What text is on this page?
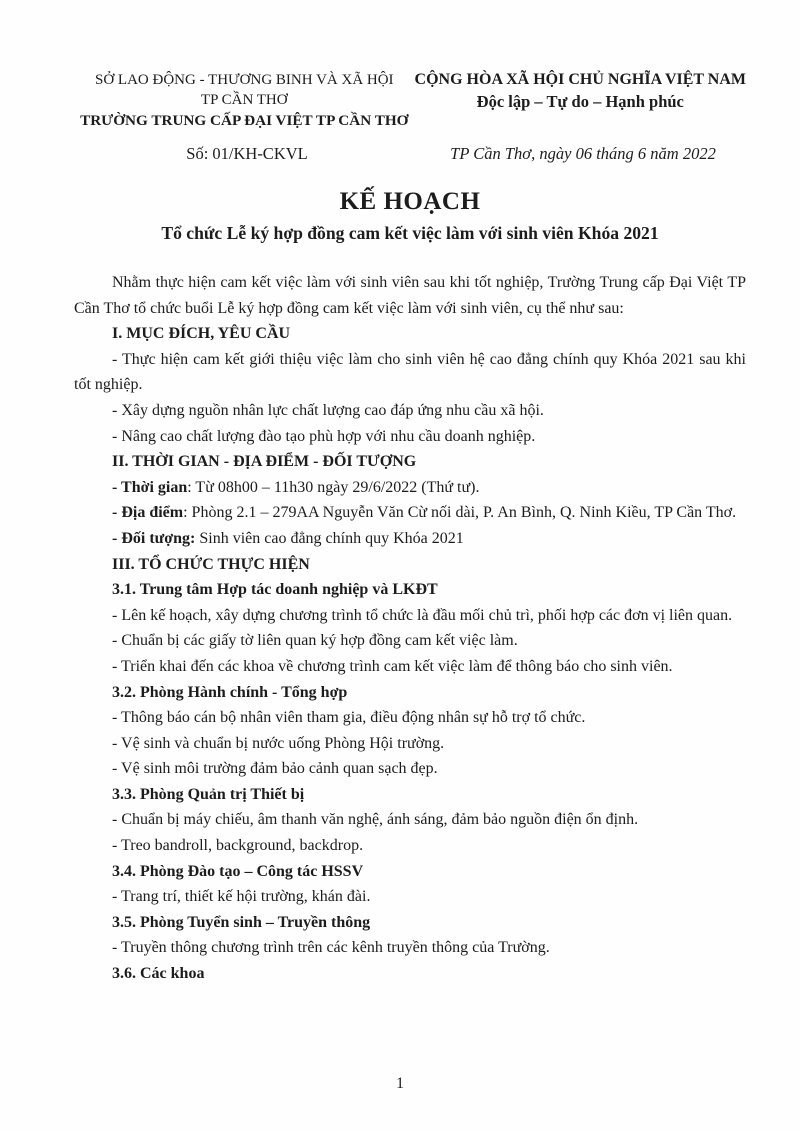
SỞ LAO ĐỘNG - THƯƠNG BINH VÀ XÃ HỘI
TP CẦN THƠ
TRƯỜNG TRUNG CẤP ĐẠI VIỆT TP CẦN THƠ
CỘNG HÒA XÃ HỘI CHỦ NGHĨA VIỆT NAM
Độc lập – Tự do – Hạnh phúc
Số: 01/KH-CKVL	TP Cần Thơ, ngày 06 tháng 6 năm 2022
KẾ HOẠCH
Tổ chức Lễ ký hợp đồng cam kết việc làm với sinh viên Khóa 2021

Nhằm thực hiện cam kết việc làm với sinh viên sau khi tốt nghiệp, Trường Trung cấp Đại Việt TP Cần Thơ tổ chức buổi Lễ ký hợp đồng cam kết việc làm với sinh viên, cụ thể như sau:

I. MỤC ĐÍCH, YÊU CẦU

- Thực hiện cam kết giới thiệu việc làm cho sinh viên hệ cao đẳng chính quy Khóa 2021 sau khi tốt nghiệp.

- Xây dựng nguồn nhân lực chất lượng cao đáp ứng nhu cầu xã hội.

- Nâng cao chất lượng đào tạo phù hợp với nhu cầu doanh nghiệp.

II. THỜI GIAN - ĐỊA ĐIỂM - ĐỐI TƯỢNG

- Thời gian: Từ 08h00 – 11h30 ngày 29/6/2022 (Thứ tư).

- Địa điểm: Phòng 2.1 – 279AA Nguyễn Văn Cừ nối dài, P. An Bình, Q. Ninh Kiều, TP Cần Thơ.

- Đối tượng: Sinh viên cao đẳng chính quy Khóa 2021

III. TỔ CHỨC THỰC HIỆN

3.1. Trung tâm Hợp tác doanh nghiệp và LKĐT

- Lên kế hoạch, xây dựng chương trình tổ chức là đầu mối chủ trì, phối hợp các đơn vị liên quan.

- Chuẩn bị các giấy tờ liên quan ký hợp đồng cam kết việc làm.

- Triển khai đến các khoa về chương trình cam kết việc làm để thông báo cho sinh viên.

3.2. Phòng Hành chính - Tổng hợp

- Thông báo cán bộ nhân viên tham gia, điều động nhân sự hỗ trợ tổ chức.

- Vệ sinh và chuẩn bị nước uống Phòng Hội trường.

- Vệ sinh môi trường đảm bảo cảnh quan sạch đẹp.

3.3. Phòng Quản trị Thiết bị

- Chuẩn bị máy chiếu, âm thanh văn nghệ, ánh sáng, đảm bảo nguồn điện ổn định.

- Treo bandroll, background, backdrop.

3.4. Phòng Đào tạo – Công tác HSSV

- Trang trí, thiết kế hội trường, khán đài.

3.5. Phòng Tuyển sinh – Truyền thông

- Truyền thông chương trình trên các kênh truyền thông của Trường.

3.6. Các khoa

1
